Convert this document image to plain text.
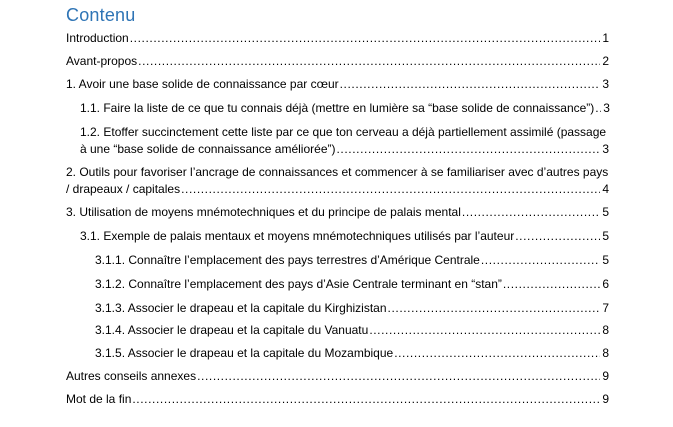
Contenu
Introduction .....	1
Avant-propos .....	2
1. Avoir une base solide de connaissance par cœur .....	3
1.1. Faire la liste de ce que tu connais déjà (mettre en lumière sa “base solide de connaissance”) ..... 3
1.2. Etoffer succinctement cette liste par ce que ton cerveau a déjà partiellement assimilé (passage
à une “base solide de connaissance améliorée”) .....	3
2. Outils pour favoriser l’ancrage de connaissances et commencer à se familiariser avec d’autres pays
/ drapeaux / capitales .....	4
3. Utilisation de moyens mnémotechniques et du principe de palais mental .....	5
3.1. Exemple de palais mentaux et moyens mnémotechniques utilisés par l’auteur .....	5
3.1.1. Connaître l’emplacement des pays terrestres d’Amérique Centrale .....	5
3.1.2. Connaître l’emplacement des pays d’Asie Centrale terminant en “stan” .....	6
3.1.3. Associer le drapeau et la capitale du Kirghizistan .....	7
3.1.4. Associer le drapeau et la capitale du Vanuatu .....	8
3.1.5. Associer le drapeau et la capitale du Mozambique .....	8
Autres conseils annexes .....	9
Mot de la fin .....	9
